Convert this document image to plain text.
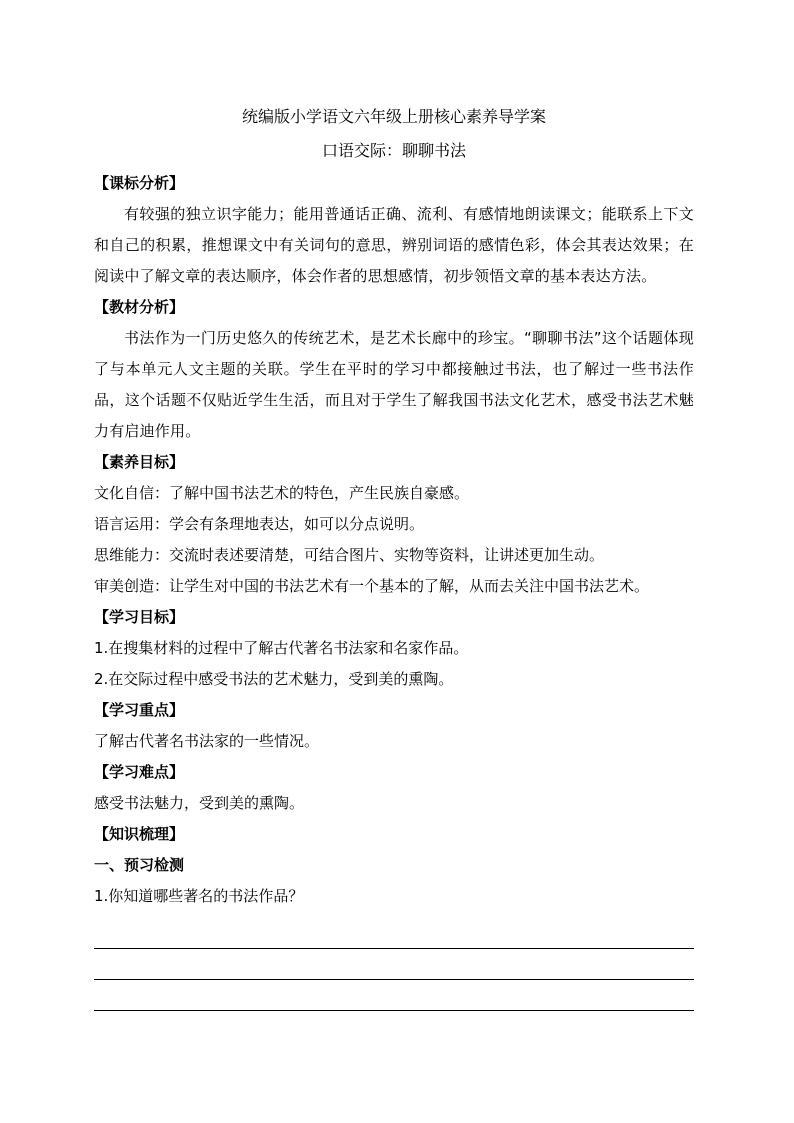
统编版小学语文六年级上册核心素养导学案

口语交际：聊聊书法

【课标分析】

有较强的独立识字能力；能用普通话正确、流利、有感情地朗读课文；能联系上下文和自己的积累，推想课文中有关词句的意思，辨别词语的感情色彩，体会其表达效果；在阅读中了解文章的表达顺序，体会作者的思想感情，初步领悟文章的基本表达方法。

【教材分析】

书法作为一门历史悠久的传统艺术，是艺术长廊中的珍宝。“聊聊书法”这个话题体现了与本单元人文主题的关联。学生在平时的学习中都接触过书法，也了解过一些书法作品，这个话题不仅贴近学生生活，而且对于学生了解我国书法文化艺术，感受书法艺术魅力有启迪作用。

【素养目标】

文化自信：了解中国书法艺术的特色，产生民族自豪感。

语言运用：学会有条理地表达，如可以分点说明。

思维能力：交流时表述要清楚，可结合图片、实物等资料，让讲述更加生动。

审美创造：让学生对中国的书法艺术有一个基本的了解，从而去关注中国书法艺术。

【学习目标】

1.在搜集材料的过程中了解古代著名书法家和名家作品。

2.在交际过程中感受书法的艺术魅力，受到美的熏陶。

【学习重点】

了解古代著名书法家的一些情况。

【学习难点】

感受书法魅力，受到美的熏陶。

【知识梳理】

一、预习检测

1.你知道哪些著名的书法作品？
